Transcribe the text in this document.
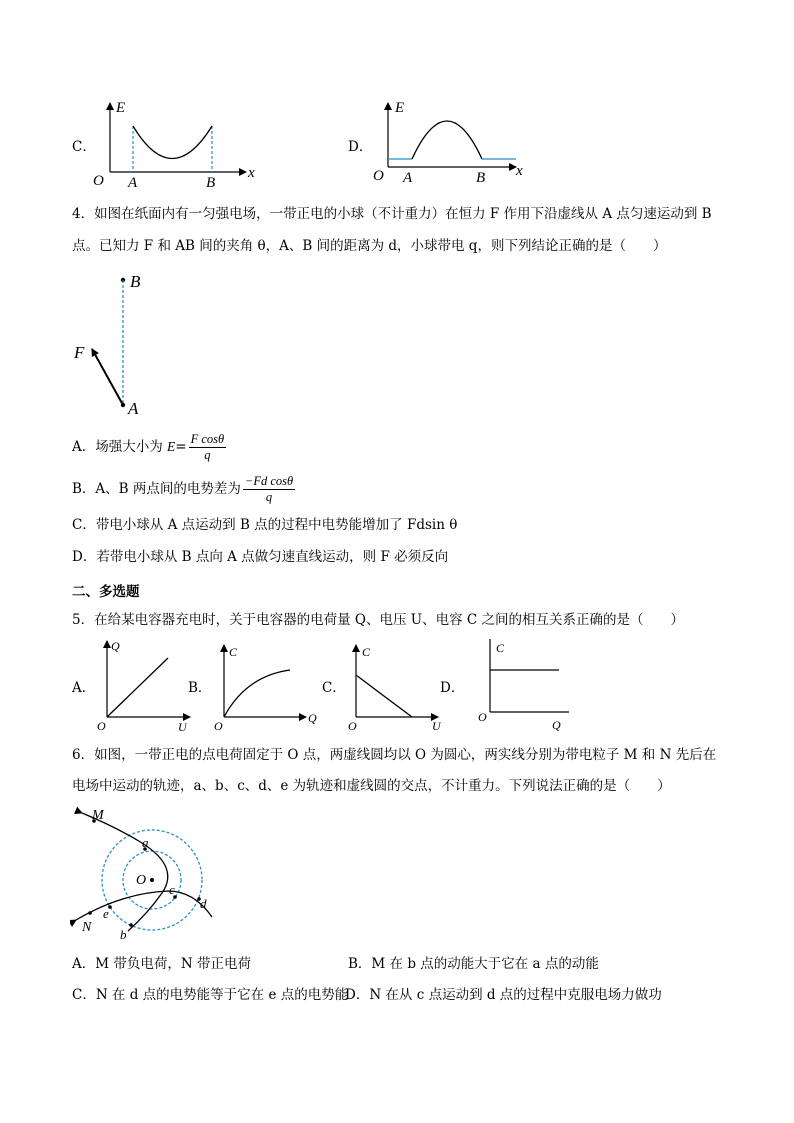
C．
E
x
O A	B
D．
E
x
O A	B
4．如图在纸面内有一匀强电场，一带正电的小球（不计重力）在恒力 F 作用下沿虚线从 A 点匀速运动到 B
点。已知力 F 和 AB 间的夹角 θ，A、B 间的距离为 d，小球带电 q，则下列结论正确的是（　　）
B
A
F
A．场强大小为 $E= \frac{\text{F cosθ}}{q}$
B．A、B 两点间的电势差为 $\frac{\text{−Fd cosθ}}{q}$
C．带电小球从 A 点运动到 B 点的过程中电势能增加了 Fdsin θ
D．若带电小球从 B 点向 A 点做匀速直线运动，则 F 必须反向
二、多选题
5．在给某电容器充电时，关于电容器的电荷量 Q、电压 U、电容 C 之间的相互关系正确的是（　　）
A．
Q
U
O
B．
C
Q
O
C．
C
U
O
D．
C
Q
O
6．如图，一带正电的点电荷固定于 O 点，两虚线圆均以 O 为圆心，两实线分别为带电粒子 M 和 N 先后在
电场中运动的轨迹，a、b、c、d、e 为轨迹和虚线圆的交点，不计重力。下列说法正确的是（　　）
M
N
O
a
b
c
d
e
A．M 带负电荷，N 带正电荷	B．M 在 b 点的动能大于它在 a 点的动能
C．N 在 d 点的电势能等于它在 e 点的电势能
D．N 在从 c 点运动到 d 点的过程中克服电场力做功
